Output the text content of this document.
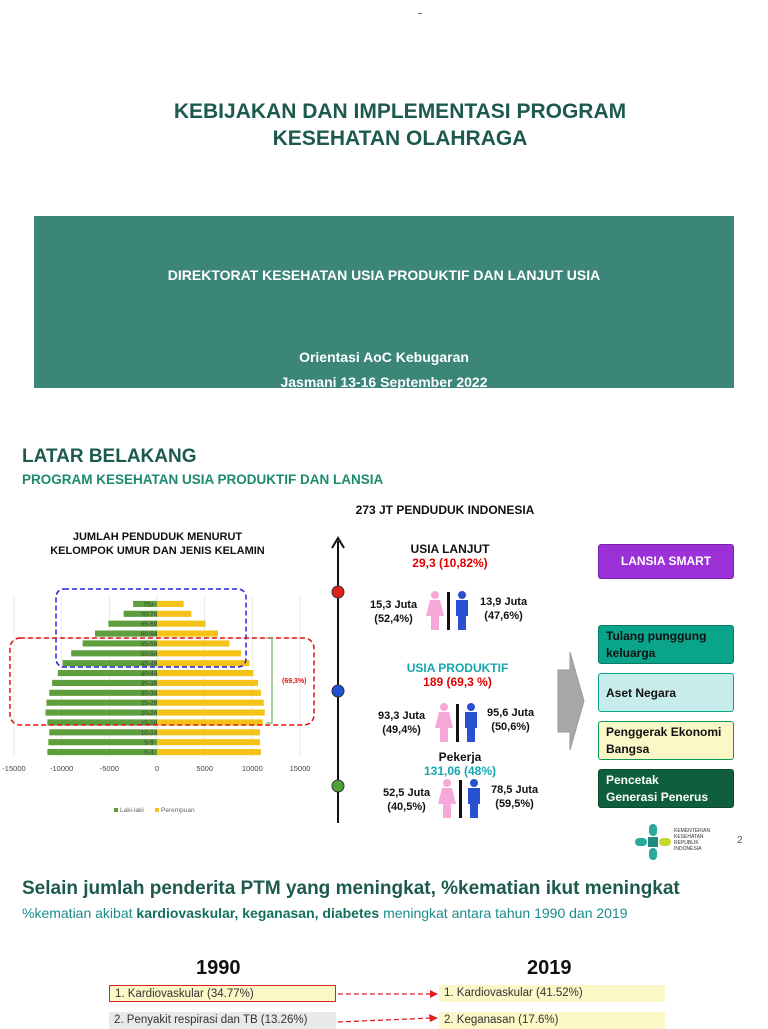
KEBIJAKAN DAN IMPLEMENTASI PROGRAM
KESEHATAN OLAHRAGA
DIREKTORAT KESEHATAN USIA PRODUKTIF DAN LANJUT USIA
Orientasi AoC Kebugaran
Jasmani 13-16 September 2022
LATAR BELAKANG
PROGRAM KESEHATAN USIA PRODUKTIF DAN LANSIA
273 JT PENDUDUK INDONESIA
JUMLAH PENDUDUK MENURUT
KELOMPOK UMUR DAN JENIS KELAMIN
0-4
5-9
10-14
15-19
20-24
25-29
30-34
35-39
40-44
45-49
50-54
55-59
60-64
65-69
70-74
75+
-15000	-10000	-5000	0	5000	10000	15000
(69,3%)
Laki-laki	Perempuan
USIA LANJUT
29,3 (10,82%)
15,3 Juta
(52,4%)
13,9 Juta
(47,6%)
USIA PRODUKTIF
189 (69,3 %)
93,3 Juta
(49,4%)
95,6 Juta
(50,6%)
Pekerja
131,06 (48%)
52,5 Juta
(40,5%)
78,5 Juta
(59,5%)
LANSIA SMART
Tulang punggung
keluarga
Aset Negara
Penggerak Ekonomi
Bangsa
Pencetak
Generasi Penerus
KEMENTERIAN
KESEHATAN
REPUBLIK
INDONESIA
2
Selain jumlah penderita PTM yang meningkat, %kematian ikut meningkat
%kematian akibat kardiovaskular, keganasan, diabetes meningkat antara tahun 1990 dan 2019
1990	2019
1. Kardiovaskular (34.77%)
2. Penyakit respirasi dan TB (13.26%)
1. Kardiovaskular (41.52%)
2. Keganasan (17.6%)
